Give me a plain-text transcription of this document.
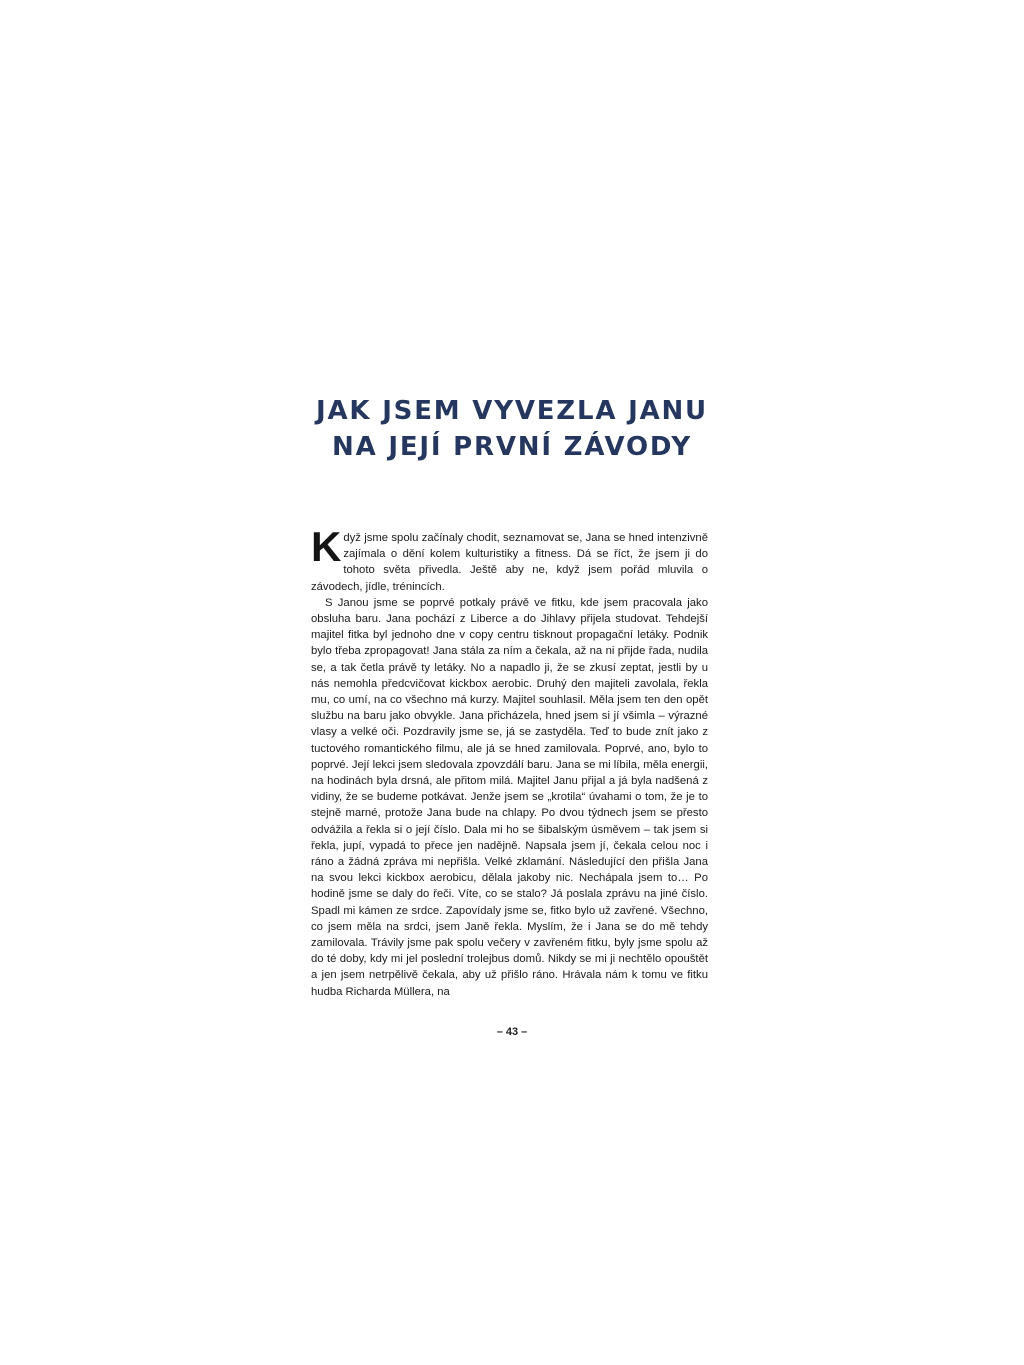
JAK JSEM VYVEZLA JANU
NA JEJÍ PRVNÍ ZÁVODY

Když jsme spolu začínaly chodit, seznamovat se, Jana se hned intenzivně zajímala o dění kolem kulturistiky a fitness. Dá se říct, že jsem ji do tohoto světa přivedla. Ještě aby ne, když jsem pořád mluvila o závodech, jídle, trénincích.

S Janou jsme se poprvé potkaly právě ve fitku, kde jsem pracovala jako obsluha baru. Jana pochází z Liberce a do Jihlavy přijela studovat. Tehdejší majitel fitka byl jednoho dne v copy centru tisknout propagační letáky. Podnik bylo třeba zpropagovat! Jana stála za ním a čekala, až na ni přijde řada, nudila se, a tak četla právě ty letáky. No a napadlo ji, že se zkusí zeptat, jestli by u nás nemohla předcvičovat kickbox aerobic. Druhý den majiteli zavolala, řekla mu, co umí, na co všechno má kurzy. Majitel souhlasil. Měla jsem ten den opět službu na baru jako obvykle. Jana přicházela, hned jsem si jí všimla – výrazné vlasy a velké oči. Pozdravily jsme se, já se zastyděla. Teď to bude znít jako z tuctového romantického filmu, ale já se hned zamilovala. Poprvé, ano, bylo to poprvé. Její lekci jsem sledovala zpovzdálí baru. Jana se mi líbila, měla energii, na hodinách byla drsná, ale přitom milá. Majitel Janu přijal a já byla nadšená z vidiny, že se budeme potkávat. Jenže jsem se „krotila“ úvahami o tom, že je to stejně marné, protože Jana bude na chlapy. Po dvou týdnech jsem se přesto odvážila a řekla si o její číslo. Dala mi ho se šibalským úsměvem – tak jsem si řekla, jupí, vypadá to přece jen nadějně. Napsala jsem jí, čekala celou noc i ráno a žádná zpráva mi nepřišla. Velké zklamání. Následující den přišla Jana na svou lekci kickbox aerobicu, dělala jakoby nic. Nechápala jsem to… Po hodině jsme se daly do řeči. Víte, co se stalo? Já poslala zprávu na jiné číslo. Spadl mi kámen ze srdce. Zapovídaly jsme se, fitko bylo už zavřené. Všechno, co jsem měla na srdci, jsem Janě řekla. Myslím, že i Jana se do mě tehdy zamilovala. Trávily jsme pak spolu večery v zavřeném fitku, byly jsme spolu až do té doby, kdy mi jel poslední trolejbus domů. Nikdy se mi ji nechtělo opouštět a jen jsem netrpělivě čekala, aby už přišlo ráno. Hrávala nám k tomu ve fitku hudba Richarda Müllera, na

– 43 –
